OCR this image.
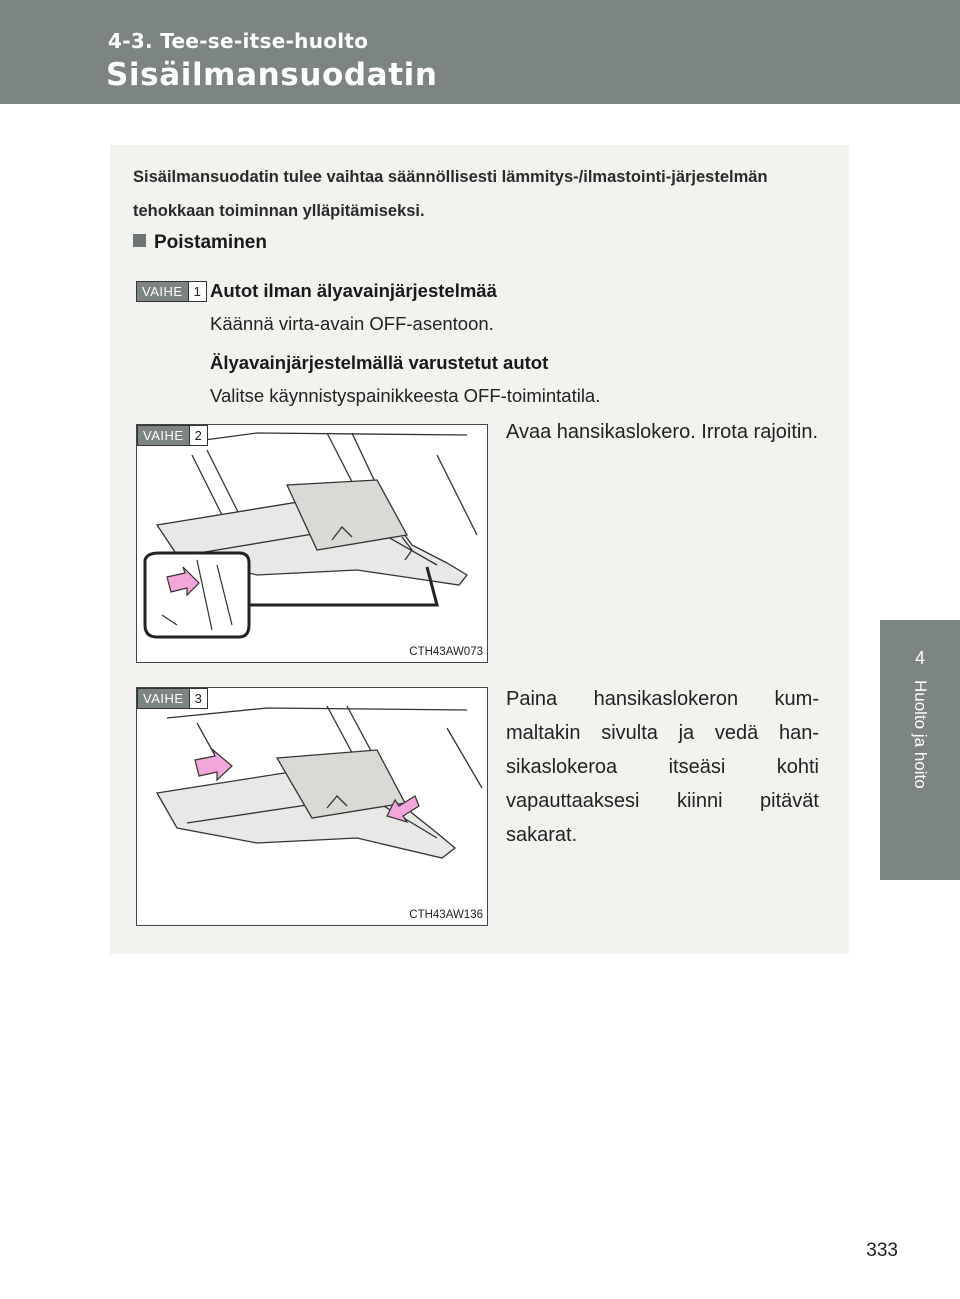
4-3. Tee-se-itse-huolto
Sisäilmansuodatin
4
Huolto ja hoito
333
Sisäilmansuodatin tulee vaihtaa säännöllisesti lämmitys-/ilmastointi-järjestelmän tehokkaan toiminnan ylläpitämiseksi.
Poistaminen
VAIHE 1 Autot ilman älyavainjärjestelmää
Käännä virta-avain OFF-asentoon.
Älyavainjärjestelmällä varustetut autot
Valitse käynnistyspainikkeesta OFF-toimintatila.
VAIHE 2
CTH43AW073
Avaa hansikaslokero. Irrota rajoitin.
VAIHE 3
CTH43AW136
Paina hansikaslokeron kum-maltakin sivulta ja vedä han-sikaslokeroa itseäsi kohti vapauttaaksesi kiinni pitävät sakarat.
